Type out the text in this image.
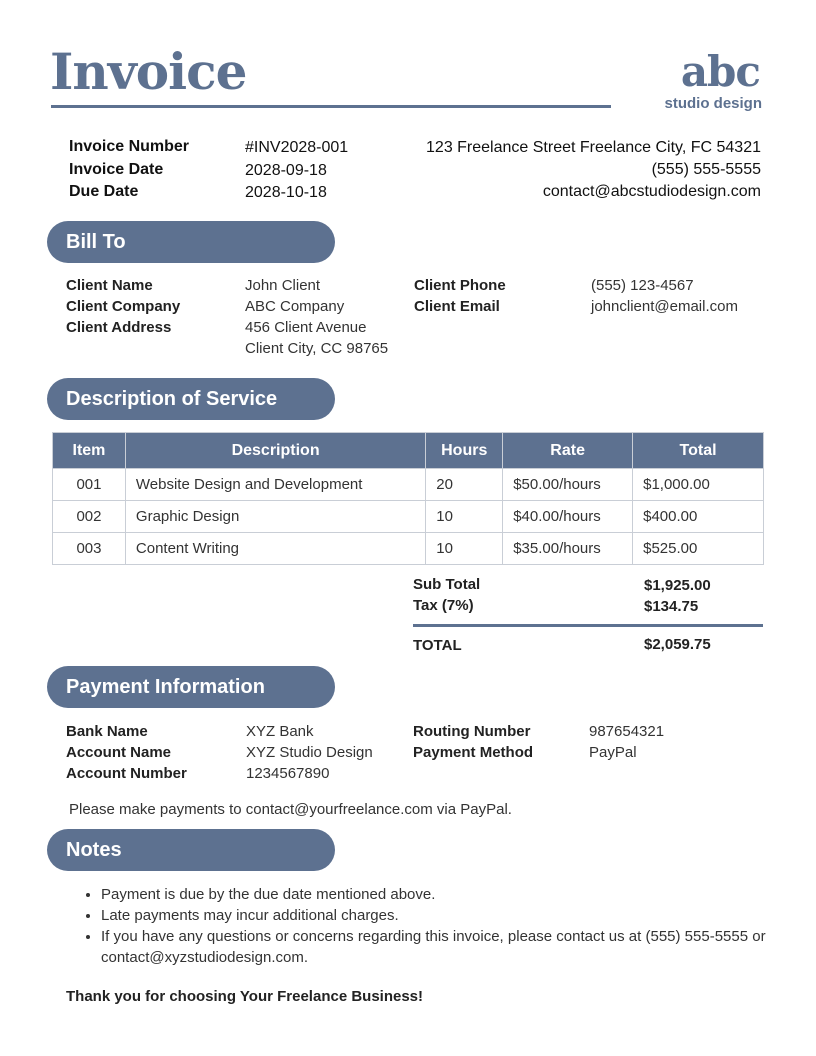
Invoice	abc
studio design
Invoice Number	#INV2028-001
Invoice Date	2028-09-18
Due Date	2028-10-18
123 Freelance Street Freelance City, FC 54321
(555) 555-5555
contact@abcstudiodesign.com
Bill To
Client Name	John Client
Client Company	ABC Company
Client Address	456 Client Avenue
Client City, CC 98765
Client Phone	(555) 123-4567
Client Email	johnclient@email.com
Description of Service
Item	Description	Hours	Rate	Total
001	Website Design and Development	20	$50.00/hours	$1,000.00
002	Graphic Design	10	$40.00/hours	$400.00
003	Content Writing	10	$35.00/hours	$525.00
Sub Total	$1,925.00
Tax (7%)	$134.75
TOTAL	$2,059.75
Payment Information
Bank Name	XYZ Bank
Account Name	XYZ Studio Design
Account Number	1234567890
Routing Number	987654321
Payment Method	PayPal
Please make payments to contact@yourfreelance.com via PayPal.
Notes
• Payment is due by the due date mentioned above.
• Late payments may incur additional charges.
• If you have any questions or concerns regarding this invoice, please contact us at (555) 555-5555 or contact@xyzstudiodesign.com.
Thank you for choosing Your Freelance Business!
